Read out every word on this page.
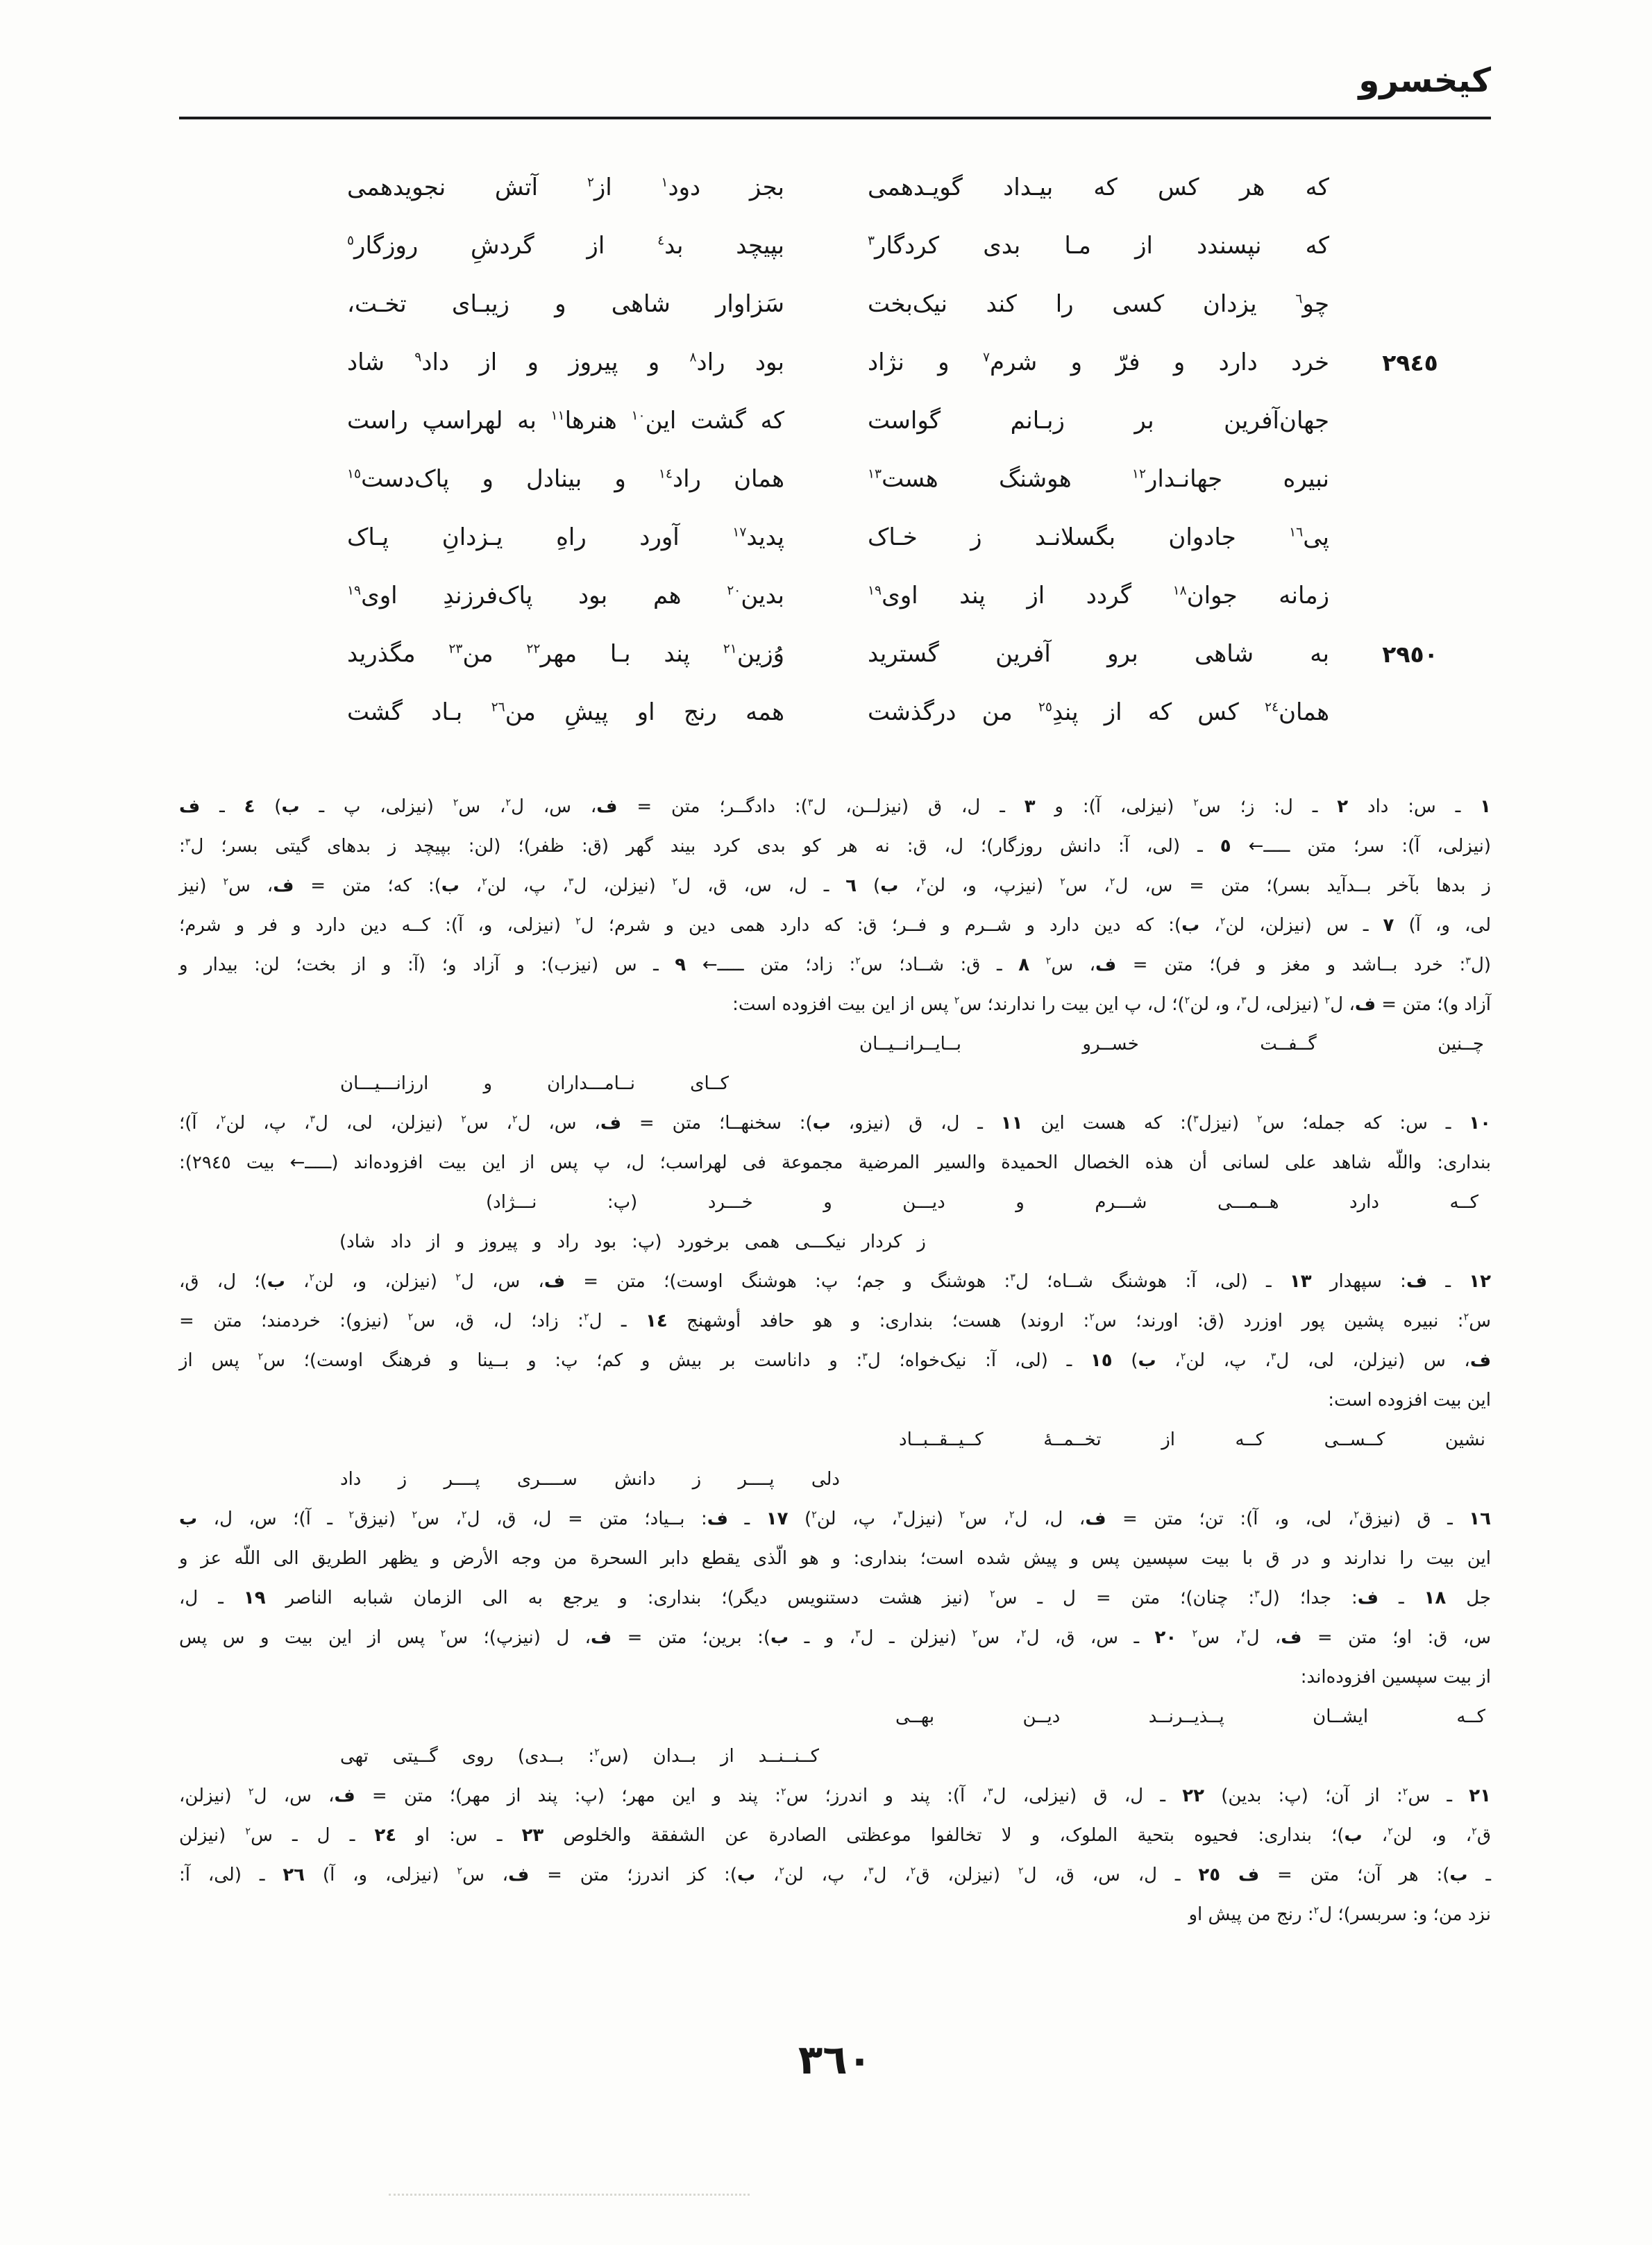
کیخسرو
که هر کس که بیـداد گویـدهمی
بجز دود$^١$ از$^٢$ آتش نجویدهمی
که نپسندد از مـا بدی کردگار$^٣$
بپیچد بد$^٤$ از گردشِ روزگار$^٥$
چو$^٦$ یزدان کسی را کند نیک‌بخت
سَزاوار شاهی و زیبـای تخـت،
٢٩٤٥
خرد دارد و فرّ و شرم$^٧$ و نژاد
بود راد$^٨$ و پیروز و از داد$^٩$ شاد
جهان‌آفرین بر زبـانم گواست
که گشت این$^{١٠}$ هنرها$^{١١}$ به لهراسپ راست
نبیره جهانـدار$^{١٢}$ هوشنگ هست$^{١٣}$
همان راد$^{١٤}$ و بینادل و پاک‌دست$^{١٥}$
پی$^{١٦}$ جادوان بگسلانـد ز خـاک
پدید$^{١٧}$ آورد راهِ یـزدانِ پـاک
زمانه جوان$^{١٨}$ گردد از پند اوی$^{١٩}$
بدین$^{٢٠}$ هم بود پاک‌فرزندِ اوی$^{١٩}$
٢٩٥٠
به شاهی برو آفرین گسترید
وُزین$^{٢١}$ پند بـا مهر$^{٢٢}$ من$^{٢٣}$ مگذرید
همان$^{٢٤}$ کس که از پندِ$^{٢٥}$ من درگذشت
همه رنج او پیشِ من$^{٢٦}$ بـاد گشت
١ ـ س: داد ٢ ـ ل: ز؛ س$^٢$ (نیزلی، آ): و ٣ ـ ل، ق (نیزلــن، ل$^٣$): دادگــر؛ متن = ف، س، ل$^٢$، س$^٢$ (نیزلی، پ ـ ب) ٤ ـ ف
(نیزلی، آ): سر؛ متن ـــــ← ٥ ـ (لی، آ: دانش روزگار)؛ ل، ق: نه هر کو بدی کرد بیند گهر (ق: ظفر)؛ (لن: بپیچد ز بدهای گیتی بسر؛ ل$^٣$:
ز بدها بآخر بــدآید بسر)؛ متن = س، ل$^٢$، س$^٢$ (نیزپ، و، لن$^٢$، ب) ٦ ـ ل، س، ق، ل$^٢$ (نیزلن، ل$^٣$، پ، لن$^٢$، ب): که؛ متن = ف، س$^٢$ (نیز
لی، و، آ) ٧ ـ س (نیزلن، لن$^٢$، ب): که دین دارد و شــرم و فــر؛ ق: که دارد همی دین و شرم؛ ل$^٢$ (نیزلی، و، آ): کــه دین دارد و فر و شرم؛
(ل$^٣$: خرد بــاشد و مغز و فر)؛ متن = ف، س$^٢$ ٨ ـ ق: شــاد؛ س$^٢$: زاد؛ متن ـــــ← ٩ ـ س (نیزب): و آزاد و؛ (آ: و از بخت؛ لن: بیدار و
آزاد و)؛ متن = ف، ل$^٢$ (نیزلی، ل$^٣$، و، لن$^٢$)؛ ل، پ این بیت را ندارند؛ س$^٢$ پس از این بیت افزوده است:
چــنین گــفــت خســرو بــایــرانــیــان
کــای نــامـــداران و ارزانـــیـــان
١٠ ـ س: که جمله؛ س$^٢$ (نیزل$^٣$): که هست این ١١ ـ ل، ق (نیزو، ب): سخنهــا؛ متن = ف، س، ل$^٢$، س$^٢$ (نیزلن، لی، ل$^٣$، پ، لن$^٢$، آ)؛
بنداری: واللّه شاهد علی لسانی أن هذه الخصال الحمیدة والسیر المرضیة مجموعة فی لهراسب؛ ل، پ پس از این بیت افزوده‌اند (ـــــ← بیت ٢٩٤٥):
کــه دارد هــمـــی شـــرم و دیـــن و خـــرد (پ: نـــژاد)
ز کردار نیکـــی همی برخورد (پ: بود راد و پیروز و از داد شاد)
١٢ ـ ف: سپهدار ١٣ ـ (لی، آ: هوشنگ شــاه؛ ل$^٣$: هوشنگ و جم؛ پ: هوشنگ اوست)؛ متن = ف، س، ل$^٢$ (نیزلن، و، لن$^٢$، ب)؛ ل، ق،
س$^٢$: نبیره پشین پور اوزرد (ق: اورند؛ س$^٢$: اروند) هست؛ بنداری: و هو حافد أوشهنج ١٤ ـ ل$^٢$: زاد؛ ل، ق، س$^٢$ (نیزو): خردمند؛ متن =
ف، س (نیزلن، لی، ل$^٣$، پ، لن$^٢$، ب) ١٥ ـ (لی، آ: نیک‌خواه؛ ل$^٣$: و داناست بر بیش و کم؛ پ: و بــینا و فرهنگ اوست)؛ س$^٢$ پس از
این بیت افزوده است:
نشین کــســی کــه از تخــمــهٔ کــیــقــبــاد
دلی پــــر ز دانش ســــری پــــر ز داد
١٦ ـ ق (نیزق$^٢$، لی، و، آ): تن؛ متن = ف، ل، ل$^٢$، س$^٢$ (نیزل$^٣$، پ، لن$^٢$) ١٧ ـ ف: بــیاد؛ متن = ل، ق، ل$^٢$، س$^٢$ (نیزق$^٢$ ـ آ)؛ س، ل، ب
این بیت را ندارند و در ق با بیت سپسین پس و پیش شده است؛ بنداری: و هو الّذی یقطع دابر السحرة من وجه الأرض و یظهر الطریق الی اللّه عز و
جل ١٨ ـ ف: جدا؛ (ل$^٣$: چنان)؛ متن = ل ـ س$^٢$ (نیز هشت دستنویس دیگر)؛ بنداری: و یرجع به الی الزمان شبابه الناصر ١٩ ـ ل،
س، ق: او؛ متن = ف، ل$^٢$، س$^٢$ ٢٠ ـ س، ق، ل$^٢$، س$^٢$ (نیزلن ـ ل$^٣$، و ـ ب): برین؛ متن = ف، ل (نیزپ)؛ س$^٢$ پس از این بیت و س پس
از بیت سپسین افزوده‌اند:
کــه ایشــان پــذیــرنــد دیــن بهــی
کــنــنــد از بــدان (س$^٢$: بــدی) روی گــیتی تهی
٢١ ـ س$^٢$: از آن؛ (پ: بدین) ٢٢ ـ ل، ق (نیزلی، ل$^٣$، آ): پند و اندرز؛ س$^٢$: پند و این مهر؛ (پ: پند از مهر)؛ متن = ف، س، ل$^٢$ (نیزلن،
ق$^٢$، و، لن$^٢$، ب)؛ بنداری: فحیوه بتحیة الملوک، و لا تخالفوا موعظتی الصادرة عن الشفقة والخلوص ٢٣ ـ س: او ٢٤ ـ ل ـ س$^٢$ (نیزلن
ـ ب): هر آن؛ متن = ف ٢٥ ـ ل، س، ق، ل$^٢$ (نیزلن، ق$^٢$، ل$^٣$، پ، لن$^٢$، ب): کز اندرز؛ متن = ف، س$^٢$ (نیزلی، و، آ) ٢٦ ـ (لی، آ:
نزد من؛ و: سربسر)؛ ل$^٢$: رنج من پیش او
٣٦٠
